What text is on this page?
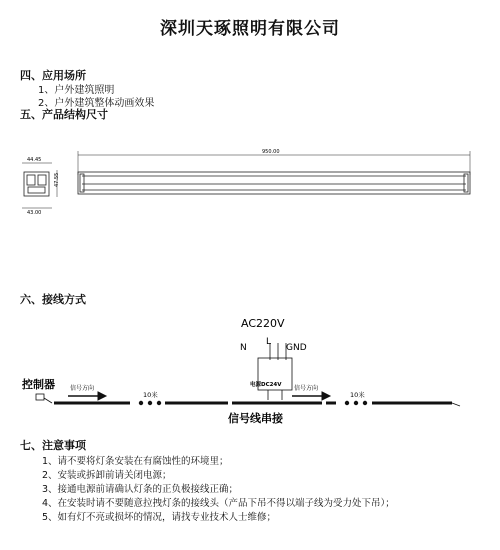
深圳天琢照明有限公司
四、应用场所
1、户外建筑照明
2、户外建筑整体动画效果
五、产品结构尺寸
44.45
47.55
43.00
950.00
AC220V
N
L
GND
电源DC24V
控制器	信号方向	信号方向
10米	10米
信号线串接
六、接线方式
七、注意事项
1、请不要将灯条安装在有腐蚀性的环境里；
2、安装或拆卸前请关闭电源；
3、接通电源前请确认灯条的正负极接线正确；
4、在安装时请不要随意拉拽灯条的接线头（产品下吊不得以端子线为受力处下吊）；
5、如有灯不亮或损坏的情况，请找专业技术人士维修；
